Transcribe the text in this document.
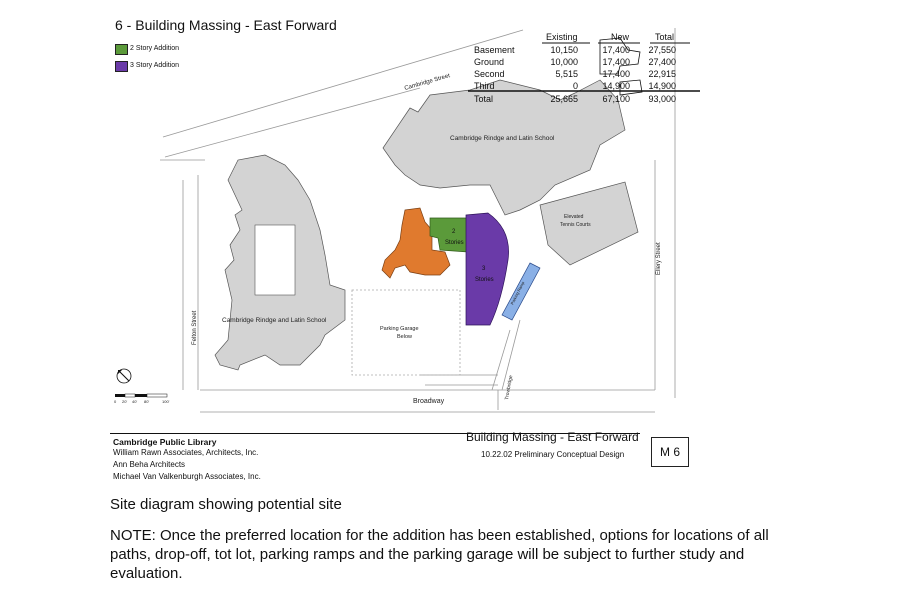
6 - Building Massing - East Forward
2 Story Addition
3 Story Addition
Cambridge Rindge and Latin School
Elevated
Tennis Courts
Cambridge Rindge and Latin School
Parking Garage
Below
2
Stories
3
Stories
Parking Ramp
Cambridge Street
Ellery Street
Felton Street
Broadway
Trowbridge
0 20' 40' 80'	100'
Existing	New	Total
Basement	10,150	17,400	27,550
Ground	10,000	17,400	27,400
Second	5,515	17,400	22,915
Third	0	14,900	14,900
Total	25,665	67,100	93,000
Cambridge Public Library
William Rawn Associates, Architects, Inc.
Ann Beha Architects
Michael Van Valkenburgh Associates, Inc.
Building Massing - East Forward
10.22.02 Preliminary Conceptual Design	M 6
Site diagram showing potential site
NOTE: Once the preferred location for the addition has been established, options for locations of all paths, drop-off, tot lot, parking ramps and the parking garage will be subject to further study and evaluation.
